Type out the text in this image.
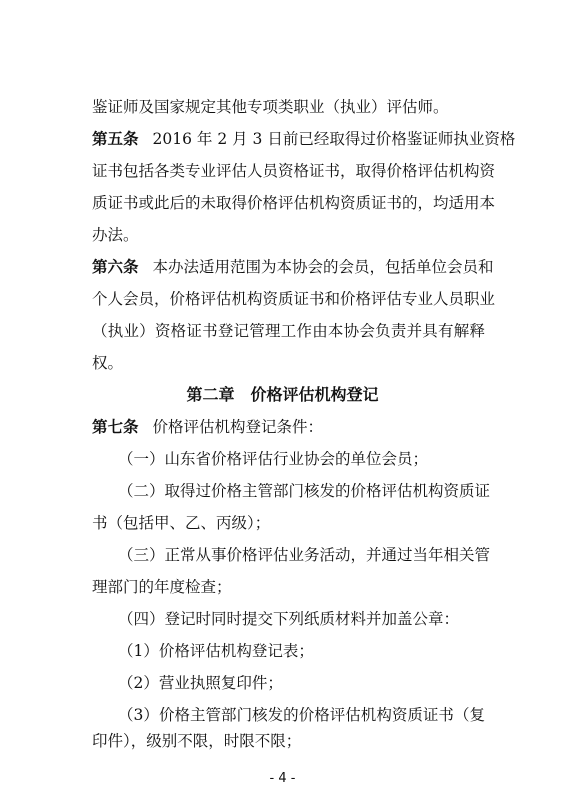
鉴证师及国家规定其他专项类职业（执业）评估师。
第五条 2016 年 2 月 3 日前已经取得过价格鉴证师执业资格
证书包括各类专业评估人员资格证书，取得价格评估机构资
质证书或此后的未取得价格评估机构资质证书的，均适用本
办法。
第六条 本办法适用范围为本协会的会员，包括单位会员和
个人会员，价格评估机构资质证书和价格评估专业人员职业
（执业）资格证书登记管理工作由本协会负责并具有解释
权。
第二章　价格评估机构登记
第七条 价格评估机构登记条件：
（一）山东省价格评估行业协会的单位会员；
（二）取得过价格主管部门核发的价格评估机构资质证
书（包括甲、乙、丙级）；
（三）正常从事价格评估业务活动，并通过当年相关管
理部门的年度检查；
（四）登记时同时提交下列纸质材料并加盖公章：
（1）价格评估机构登记表；
（2）营业执照复印件；
（3）价格主管部门核发的价格评估机构资质证书（复
印件），级别不限，时限不限；
- 4 -
